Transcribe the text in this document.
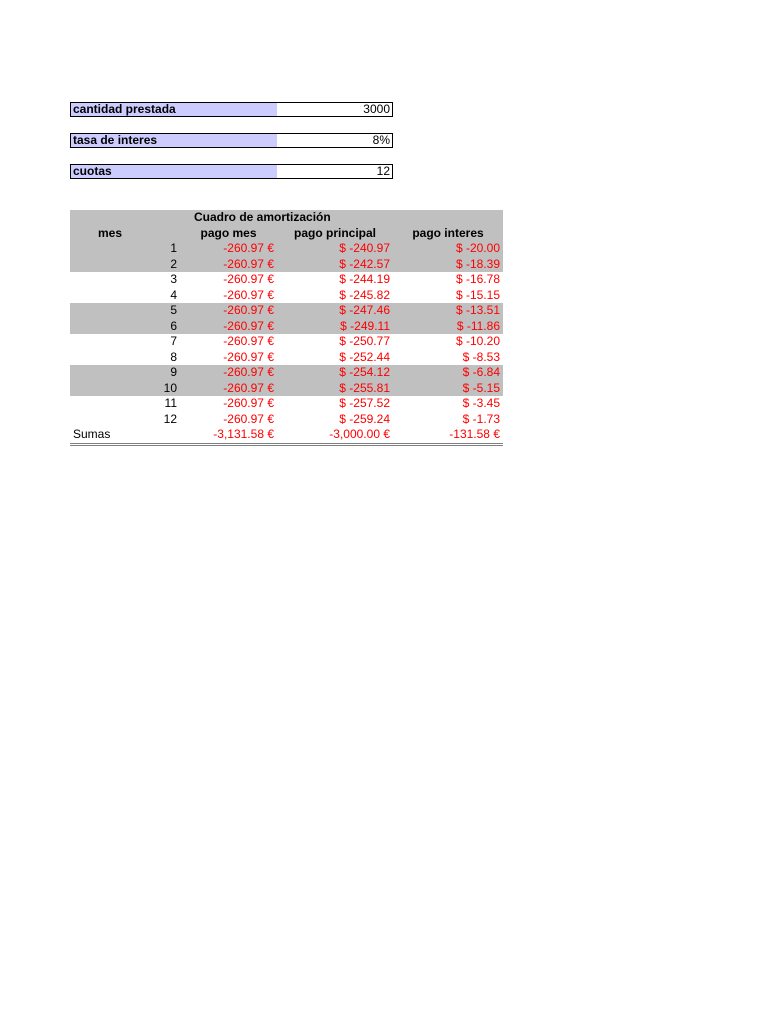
cantidad prestada	3000
tasa de interes	8%
cuotas	12
	Cuadro de amortización		
mes	pago mes	pago principal	pago interes
1	-260.97 €	$ -240.97	$ -20.00
2	-260.97 €	$ -242.57	$ -18.39
3	-260.97 €	$ -244.19	$ -16.78
4	-260.97 €	$ -245.82	$ -15.15
5	-260.97 €	$ -247.46	$ -13.51
6	-260.97 €	$ -249.11	$ -11.86
7	-260.97 €	$ -250.77	$ -10.20
8	-260.97 €	$ -252.44	$ -8.53
9	-260.97 €	$ -254.12	$ -6.84
10	-260.97 €	$ -255.81	$ -5.15
11	-260.97 €	$ -257.52	$ -3.45
12	-260.97 €	$ -259.24	$ -1.73
Sumas	-3,131.58 €	-3,000.00 €	-131.58 €
